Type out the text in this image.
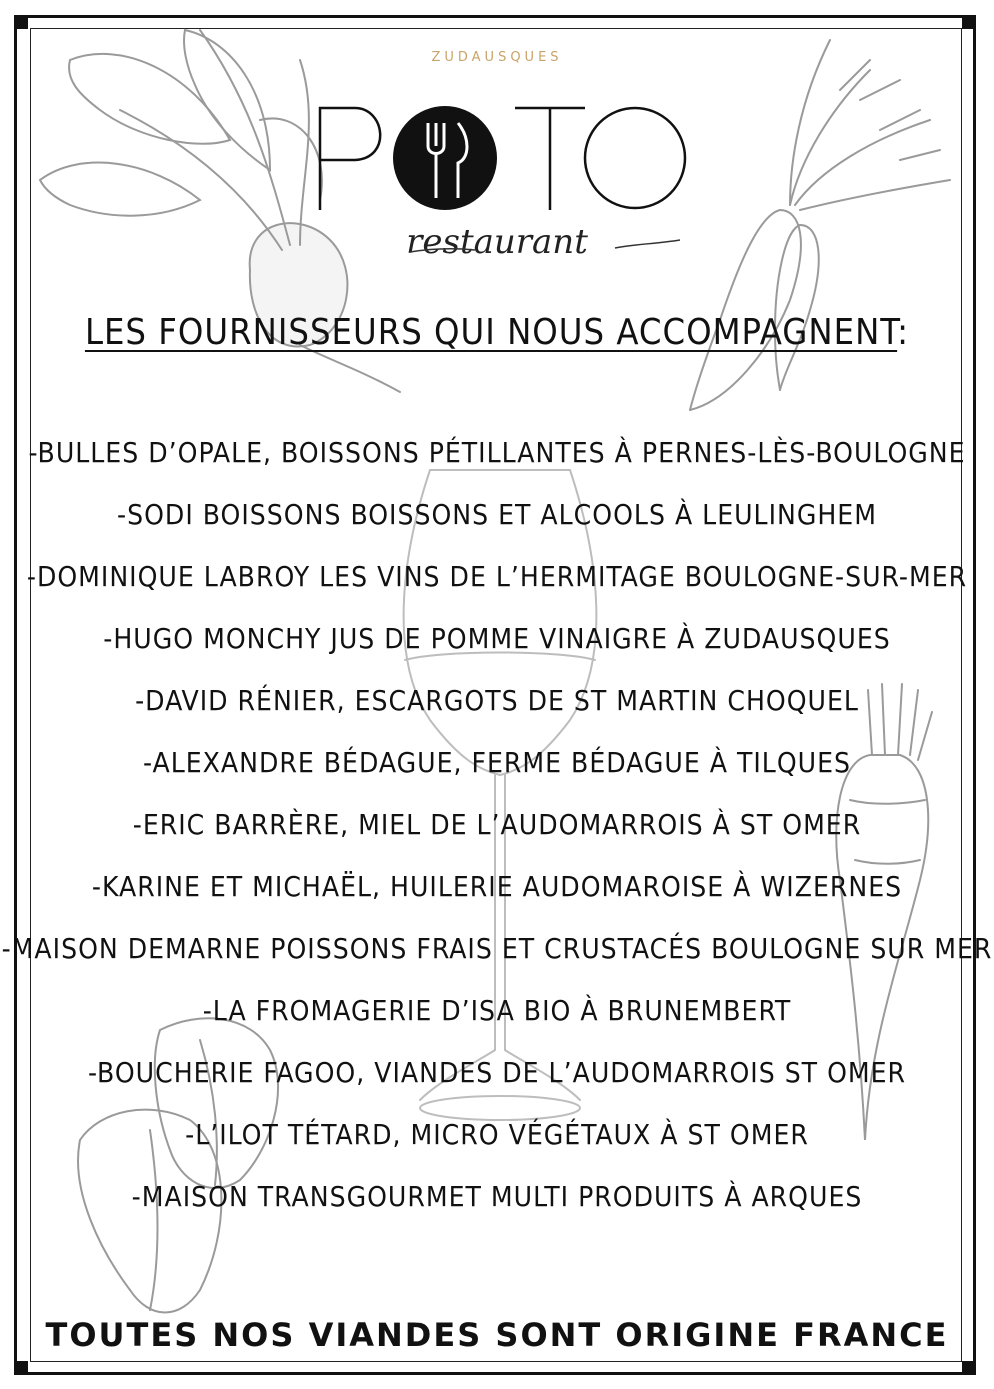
ZUDAUSQUES
restaurant
LES FOURNISSEURS QUI NOUS ACCOMPAGNENT:
-BULLES D’OPALE, BOISSONS PÉTILLANTES À PERNES-LÈS-BOULOGNE
-SODI BOISSONS BOISSONS ET ALCOOLS À LEULINGHEM
-DOMINIQUE LABROY LES VINS DE L’HERMITAGE BOULOGNE-SUR-MER
-HUGO MONCHY JUS DE POMME VINAIGRE À ZUDAUSQUES
-DAVID RÉNIER, ESCARGOTS DE ST MARTIN CHOQUEL
-ALEXANDRE BÉDAGUE, FERME BÉDAGUE À TILQUES
-ERIC BARRÈRE, MIEL DE L’AUDOMARROIS À ST OMER
-KARINE ET MICHAËL, HUILERIE AUDOMAROISE À WIZERNES
-MAISON DEMARNE POISSONS FRAIS ET CRUSTACÉS BOULOGNE SUR MER
-LA FROMAGERIE D’ISA BIO À BRUNEMBERT
-BOUCHERIE FAGOO, VIANDES DE L’AUDOMARROIS ST OMER
-L’ILOT TÉTARD, MICRO VÉGÉTAUX À ST OMER
-MAISON TRANSGOURMET MULTI PRODUITS À ARQUES
TOUTES NOS VIANDES SONT ORIGINE FRANCE
